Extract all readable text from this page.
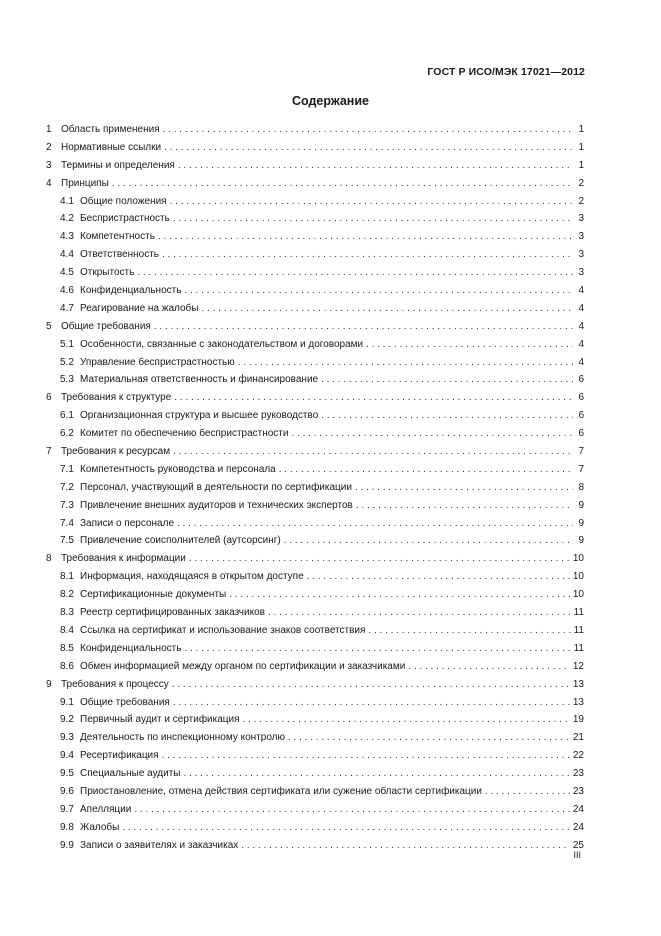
ГОСТ Р ИСО/МЭК 17021—2012
Содержание
1 Область применения . . .	1
2 Нормативные ссылки . . .	1
3 Термины и определения . . .	1
4 Принципы . . .	2
4.1 Общие положения . . .	2
4.2 Беспристрастность . . .	3
4.3 Компетентность . . .	3
4.4 Ответственность . . .	3
4.5 Открытость . . .	3
4.6 Конфиденциальность . . .	4
4.7 Реагирование на жалобы . . .	4
5 Общие требования . . .	4
5.1 Особенности, связанные с законодательством и договорами . . .	4
5.2 Управление беспристрастностью . . .	4
5.3 Материальная ответственность и финансирование . . .	6
6 Требования к структуре . . .	6
6.1 Организационная структура и высшее руководство . . .	6
6.2 Комитет по обеспечению беспристрастности . . .	6
7 Требования к ресурсам . . .	7
7.1 Компетентность руководства и персонала . . .	7
7.2 Персонал, участвующий в деятельности по сертификации . . .	8
7.3 Привлечение внешних аудиторов и технических экспертов . . .	9
7.4 Записи о персонале . . .	9
7.5 Привлечение соисполнителей (аутсорсинг) . . .	9
8 Требования к информации . . .	10
8.1 Информация, находящаяся в открытом доступе . . .	10
8.2 Сертификационные документы . . .	10
8.3 Реестр сертифицированных заказчиков . . .	11
8.4 Ссылка на сертификат и использование знаков соответствия . . .	11
8.5 Конфиденциальность . . .	11
8.6 Обмен информацией между органом по сертификации и заказчиками . . .	12
9 Требования к процессу . . .	13
9.1 Общие требования . . .	13
9.2 Первичный аудит и сертификация . . .	19
9.3 Деятельность по инспекционному контролю . . .	21
9.4 Ресертификация . . .	22
9.5 Специальные аудиты . . .	23
9.6 Приостановление, отмена действия сертификата или сужение области сертификации . . .	23
9.7 Апелляции . . .	24
9.8 Жалобы . . .	24
9.9 Записи о заявителях и заказчиках . . .	25
III
